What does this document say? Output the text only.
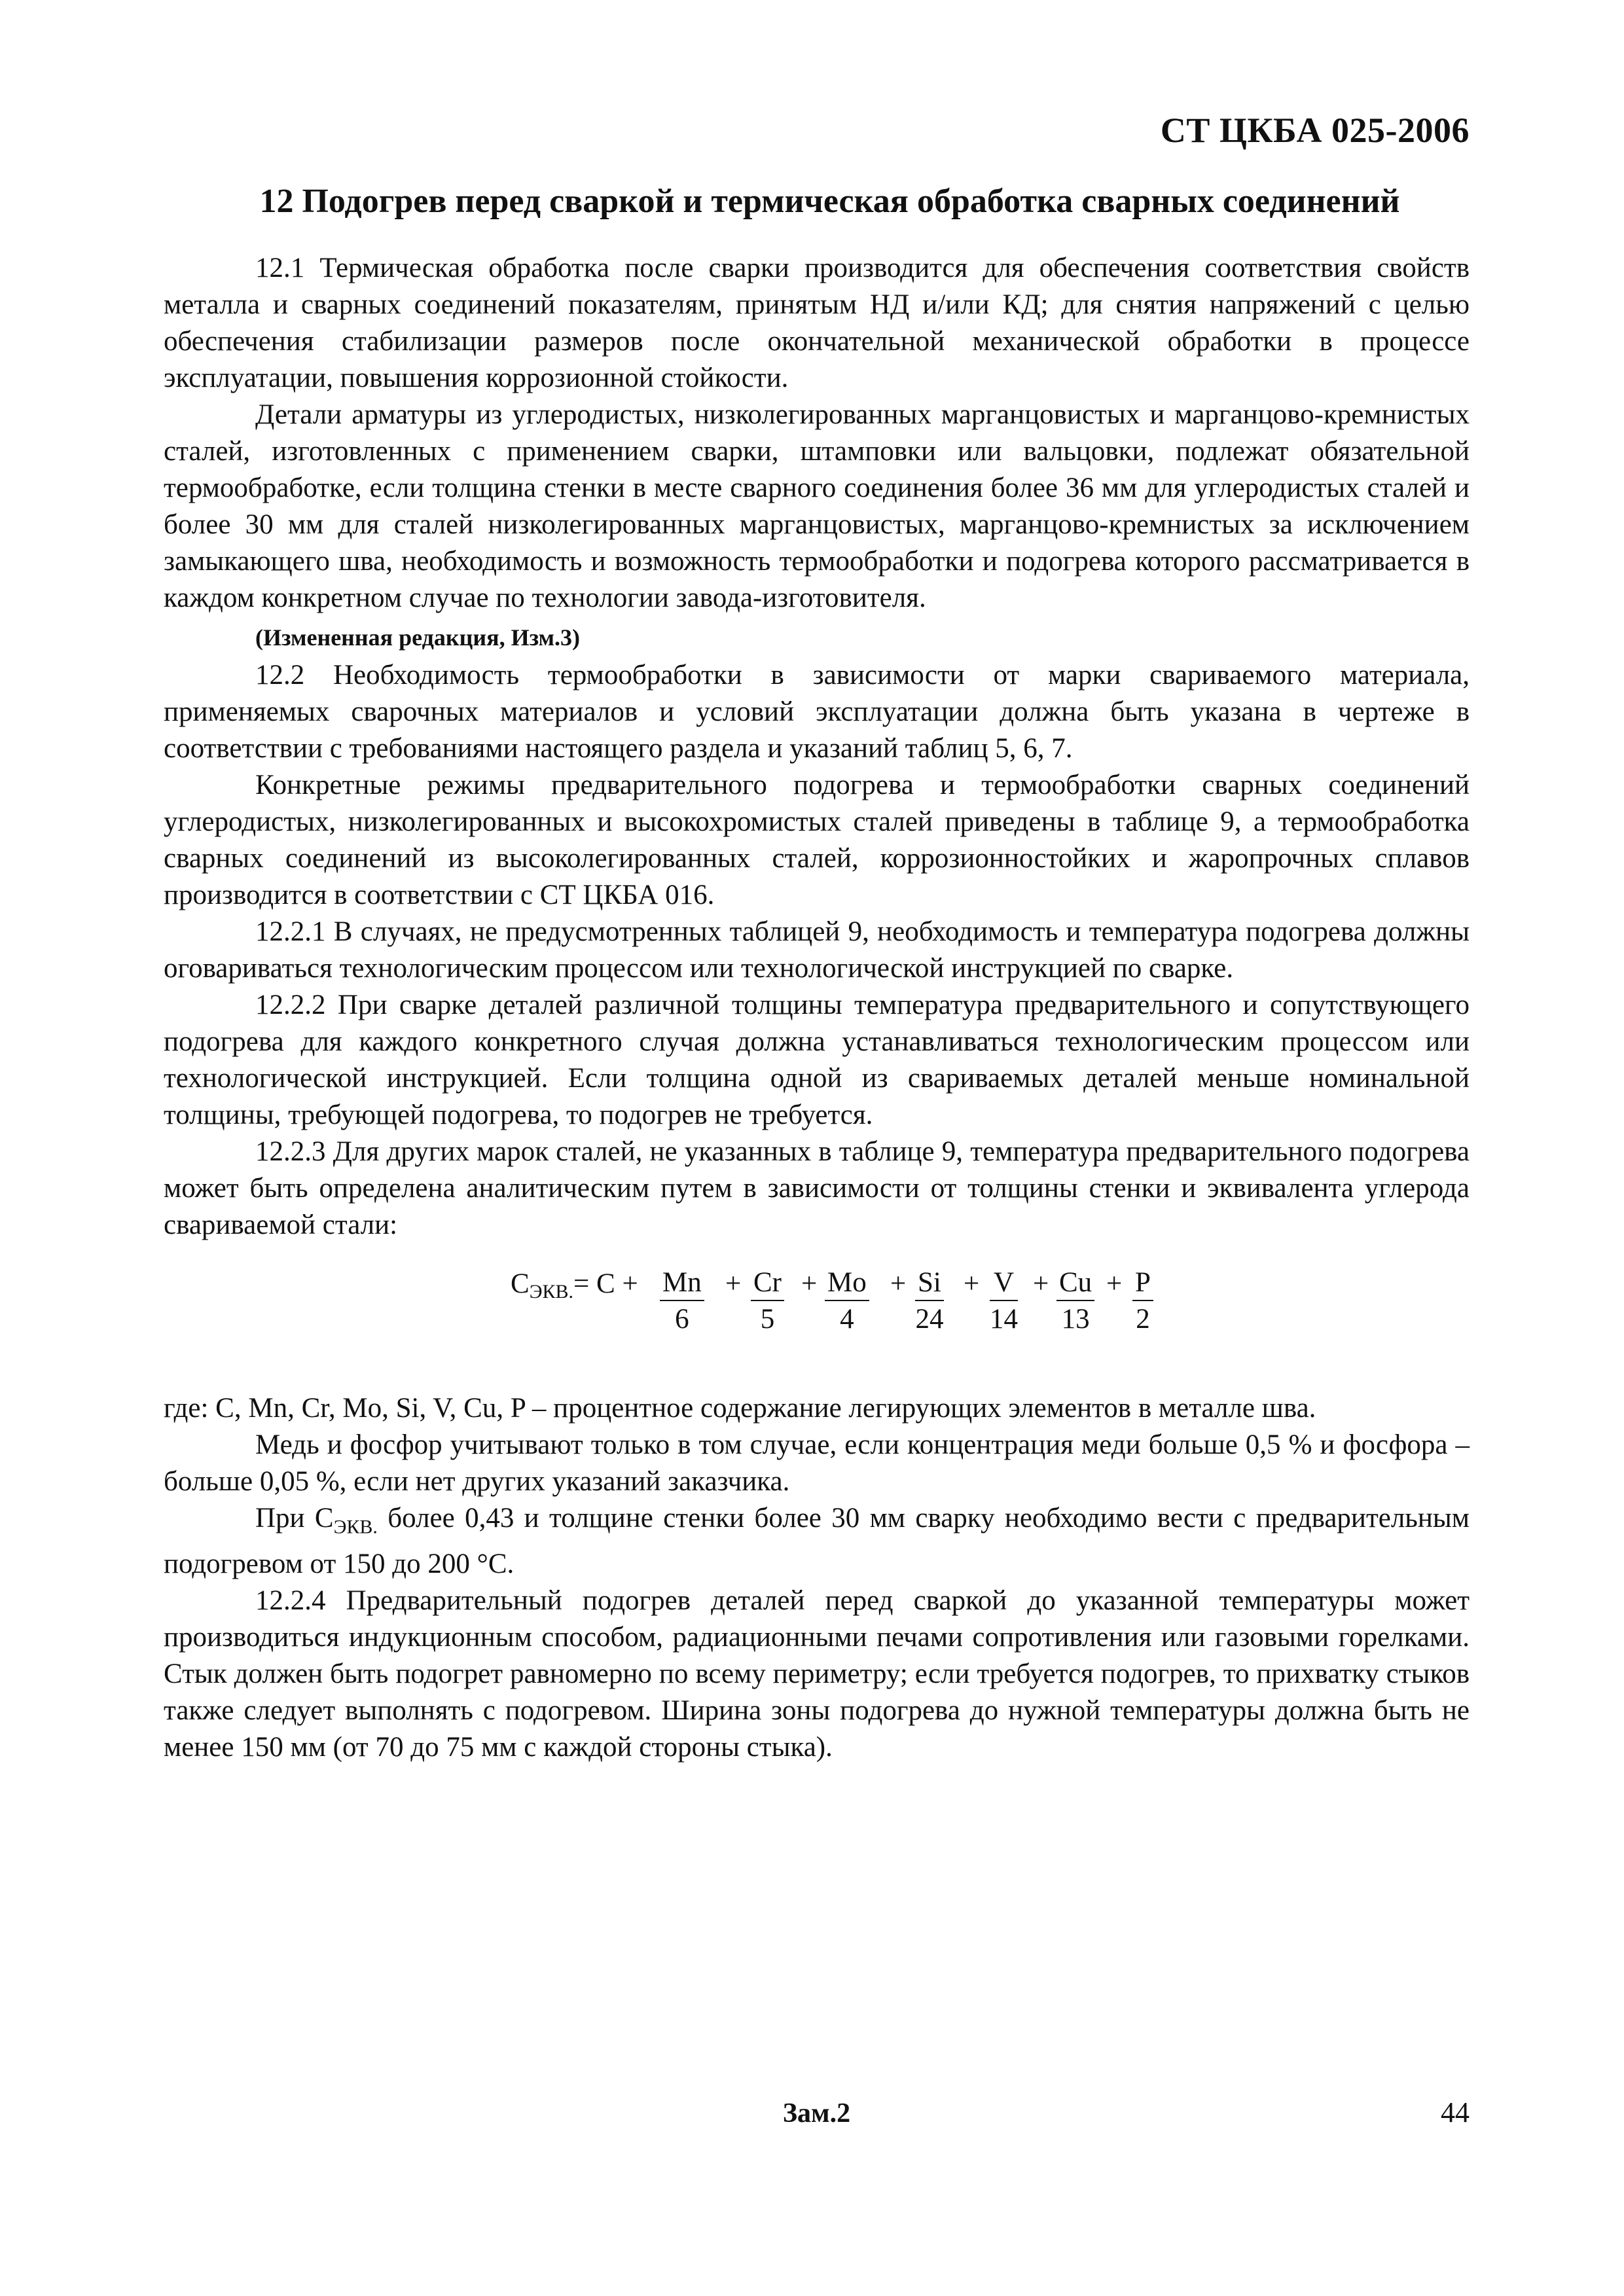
СТ ЦКБА 025-2006
12 Подогрев перед сваркой и термическая обработка сварных соединений

12.1 Термическая обработка после сварки производится для обеспечения соответствия свойств металла и сварных соединений показателям, принятым НД и/или КД; для снятия напряжений с целью обеспечения стабилизации размеров после окончательной механической обработки в процессе эксплуатации, повышения коррозионной стойкости.

Детали арматуры из углеродистых, низколегированных марганцовистых и марганцово-кремнистых сталей, изготовленных с применением сварки, штамповки или вальцовки, подлежат обязательной термообработке, если толщина стенки в месте сварного соединения более 36 мм для углеродистых сталей и более 30 мм для сталей низколегированных марганцовистых, марганцово-кремнистых за исключением замыкающего шва, необходимость и возможность термообработки и подогрева которого рассматривается в каждом конкретном случае по технологии завода-изготовителя.

(Измененная редакция, Изм.3)

12.2 Необходимость термообработки в зависимости от марки свариваемого материала, применяемых сварочных материалов и условий эксплуатации должна быть указана в чертеже в соответствии с требованиями настоящего раздела и указаний таблиц 5, 6, 7.

Конкретные режимы предварительного подогрева и термообработки сварных соединений углеродистых, низколегированных и высокохромистых сталей приведены в таблице 9, а термообработка сварных соединений из высоколегированных сталей, коррозионностойких и жаропрочных сплавов производится в соответствии с СТ ЦКБА 016.

12.2.1 В случаях, не предусмотренных таблицей 9, необходимость и температура подогрева должны оговариваться технологическим процессом или технологической инструкцией по сварке.

12.2.2 При сварке деталей различной толщины температура предварительного и сопутствующего подогрева для каждого конкретного случая должна устанавливаться технологическим процессом или технологической инструкцией. Если толщина одной из свариваемых деталей меньше номинальной толщины, требующей подогрева, то подогрев не требуется.

12.2.3 Для других марок сталей, не указанных в таблице 9, температура предварительного подогрева может быть определена аналитическим путем в зависимости от толщины стенки и эквивалента углерода свариваемой стали:

$С_{ЭКВ.}= C + \frac{Mn}{6} + \frac{Cr}{5} + \frac{Mo}{4} + \frac{Si}{24} + \frac{V}{14} + \frac{Cu}{13} + \frac{P}{2}$

где: C, Mn, Cr, Mo, Si, V, Cu, P – процентное содержание легирующих элементов в металле шва.

Медь и фосфор учитывают только в том случае, если концентрация меди больше 0,5 % и фосфора – больше 0,05 %, если нет других указаний заказчика.

При $С_{ЭКВ.}$ более 0,43 и толщине стенки более 30 мм сварку необходимо вести с предварительным подогревом от 150 до 200 °С.

12.2.4 Предварительный подогрев деталей перед сваркой до указанной температуры может производиться индукционным способом, радиационными печами сопротивления или газовыми горелками. Стык должен быть подогрет равномерно по всему периметру; если требуется подогрев, то прихватку стыков также следует выполнять с подогревом. Ширина зоны подогрева до нужной температуры должна быть не менее 150 мм (от 70 до 75 мм с каждой стороны стыка).

Зам.2	44
